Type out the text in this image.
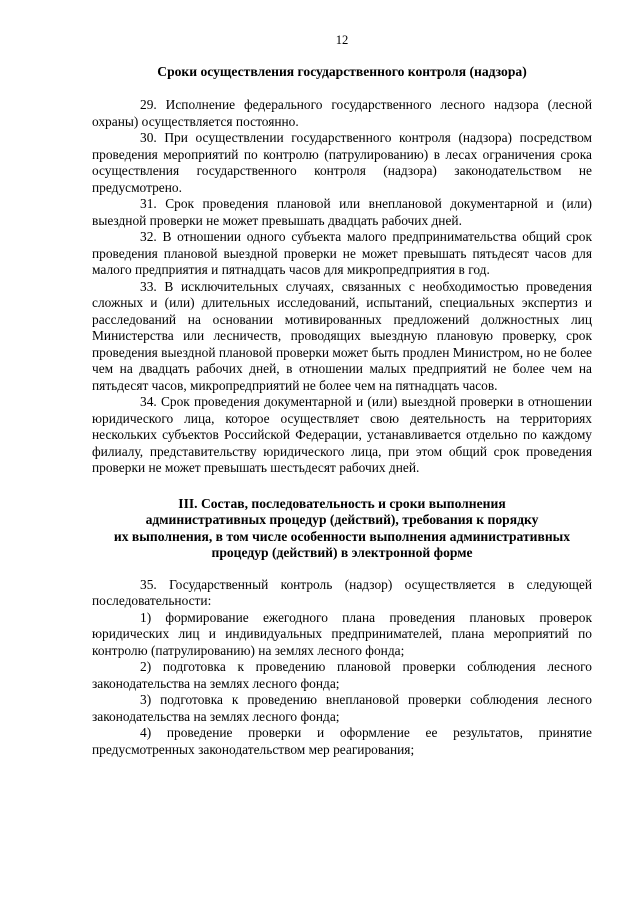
12
Сроки осуществления государственного контроля (надзора)

29. Исполнение федерального государственного лесного надзора (лесной охраны) осуществляется постоянно.

30. При осуществлении государственного контроля (надзора) посредством проведения мероприятий по контролю (патрулированию) в лесах ограничения срока осуществления государственного контроля (надзора) законодательством не предусмотрено.

31. Срок проведения плановой или внеплановой документарной и (или) выездной проверки не может превышать двадцать рабочих дней.

32. В отношении одного субъекта малого предпринимательства общий срок проведения плановой выездной проверки не может превышать пятьдесят часов для малого предприятия и пятнадцать часов для микропредприятия в год.

33. В исключительных случаях, связанных с необходимостью проведения сложных и (или) длительных исследований, испытаний, специальных экспертиз и расследований на основании мотивированных предложений должностных лиц Министерства или лесничеств, проводящих выездную плановую проверку, срок проведения выездной плановой проверки может быть продлен Министром, но не более чем на двадцать рабочих дней, в отношении малых предприятий не более чем на пятьдесят часов, микропредприятий не более чем на пятнадцать часов.

34. Срок проведения документарной и (или) выездной проверки в отношении юридического лица, которое осуществляет свою деятельность на территориях нескольких субъектов Российской Федерации, устанавливается отдельно по каждому филиалу, представительству юридического лица, при этом общий срок проведения проверки не может превышать шестьдесят рабочих дней.

III. Состав, последовательность и сроки выполнения
административных процедур (действий), требования к порядку
их выполнения, в том числе особенности выполнения административных
процедур (действий) в электронной форме

35. Государственный контроль (надзор) осуществляется в следующей последовательности:

1) формирование ежегодного плана проведения плановых проверок юридических лиц и индивидуальных предпринимателей, плана мероприятий по контролю (патрулированию) на землях лесного фонда;

2) подготовка к проведению плановой проверки соблюдения лесного законодательства на землях лесного фонда;

3) подготовка к проведению внеплановой проверки соблюдения лесного законодательства на землях лесного фонда;

4) проведение проверки и оформление ее результатов, принятие предусмотренных законодательством мер реагирования;
